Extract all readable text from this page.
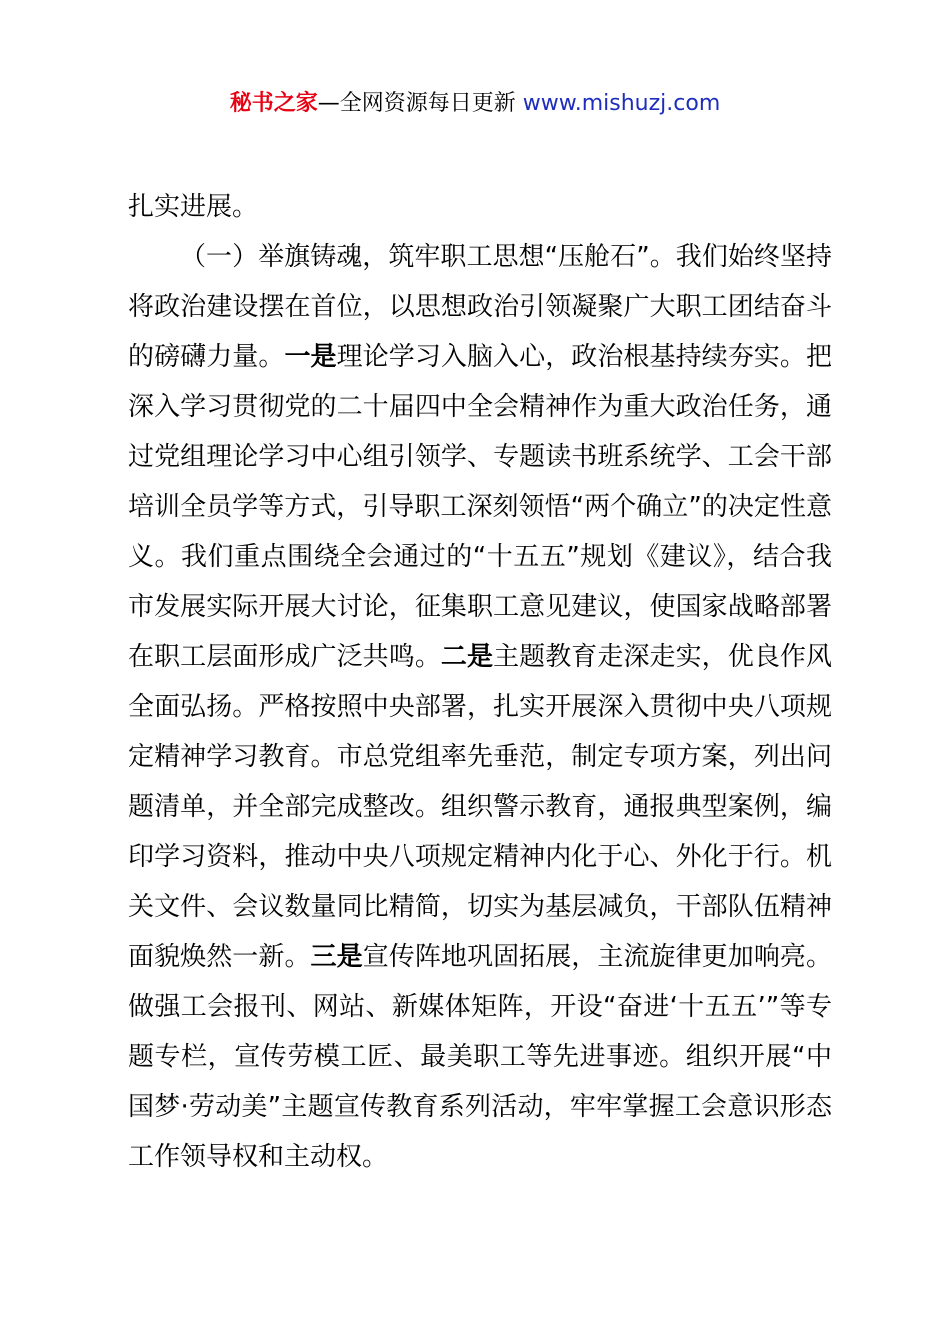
秘书之家—全网资源每日更新 www.mishuzj.com

扎实进展。

（一）举旗铸魂，筑牢职工思想“压舱石”。我们始终坚持将政治建设摆在首位，以思想政治引领凝聚广大职工团结奋斗的磅礴力量。一是理论学习入脑入心，政治根基持续夯实。把深入学习贯彻党的二十届四中全会精神作为重大政治任务，通过党组理论学习中心组引领学、专题读书班系统学、工会干部培训全员学等方式，引导职工深刻领悟“两个确立”的决定性意义。我们重点围绕全会通过的“十五五”规划《建议》，结合我市发展实际开展大讨论，征集职工意见建议，使国家战略部署在职工层面形成广泛共鸣。二是主题教育走深走实，优良作风全面弘扬。严格按照中央部署，扎实开展深入贯彻中央八项规定精神学习教育。市总党组率先垂范，制定专项方案，列出问题清单，并全部完成整改。组织警示教育，通报典型案例，编印学习资料，推动中央八项规定精神内化于心、外化于行。机关文件、会议数量同比精简，切实为基层减负，干部队伍精神面貌焕然一新。三是宣传阵地巩固拓展，主流旋律更加响亮。做强工会报刊、网站、新媒体矩阵，开设“奋进‘十五五’”等专题专栏，宣传劳模工匠、最美职工等先进事迹。组织开展“中国梦·劳动美”主题宣传教育系列活动，牢牢掌握工会意识形态工作领导权和主动权。
